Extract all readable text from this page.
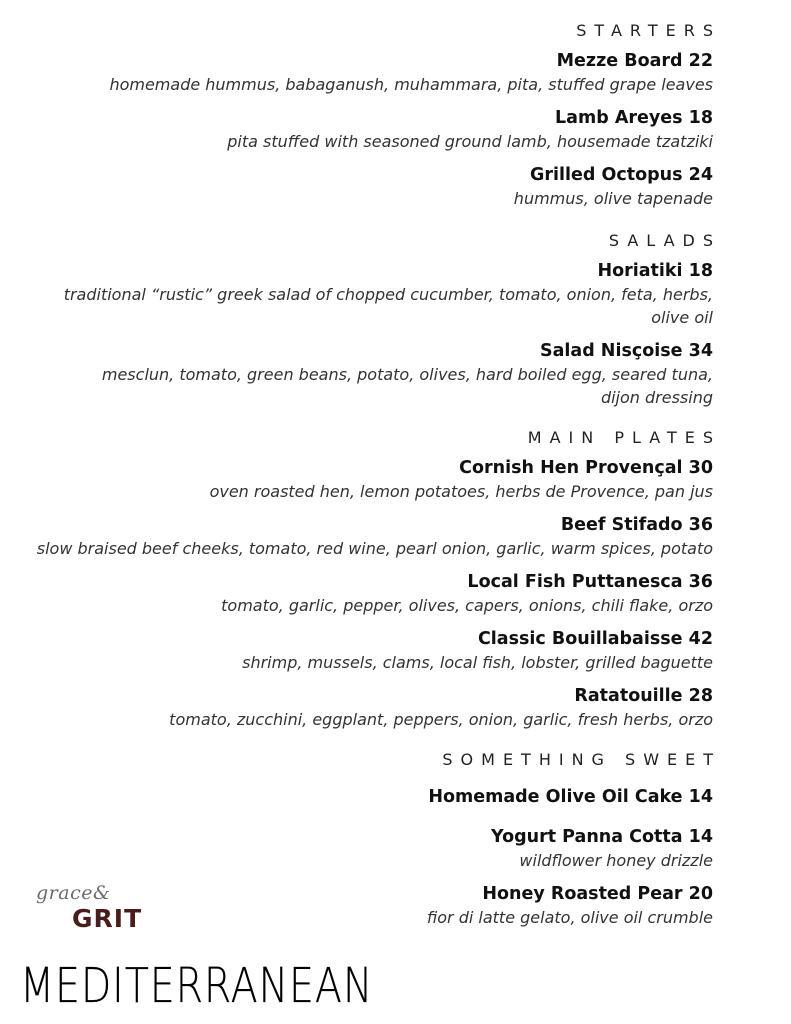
STARTERS
Mezze Board 22
homemade hummus, babaganush, muhammara, pita, stuffed grape leaves
Lamb Areyes 18
pita stuffed with seasoned ground lamb, housemade tzatziki
Grilled Octopus 24
hummus, olive tapenade
SALADS
Horiatiki 18
traditional “rustic” greek salad of chopped cucumber, tomato, onion, feta, herbs,
olive oil
Salad Nisçoise 34
mesclun, tomato, green beans, potato, olives, hard boiled egg, seared tuna,
dijon dressing
MAIN PLATES
Cornish Hen Provençal 30
oven roasted hen, lemon potatoes, herbs de Provence, pan jus
Beef Stifado 36
slow braised beef cheeks, tomato, red wine, pearl onion, garlic, warm spices, potato
Local Fish Puttanesca 36
tomato, garlic, pepper, olives, capers, onions, chili flake, orzo
Classic Bouillabaisse 42
shrimp, mussels, clams, local fish, lobster, grilled baguette
Ratatouille 28
tomato, zucchini, eggplant, peppers, onion, garlic, fresh herbs, orzo
SOMETHING SWEET
Homemade Olive Oil Cake 14
Yogurt Panna Cotta 14
wildflower honey drizzle
Honey Roasted Pear 20
fior di latte gelato, olive oil crumble
grace&
GRIT
MEDITERRANEAN
